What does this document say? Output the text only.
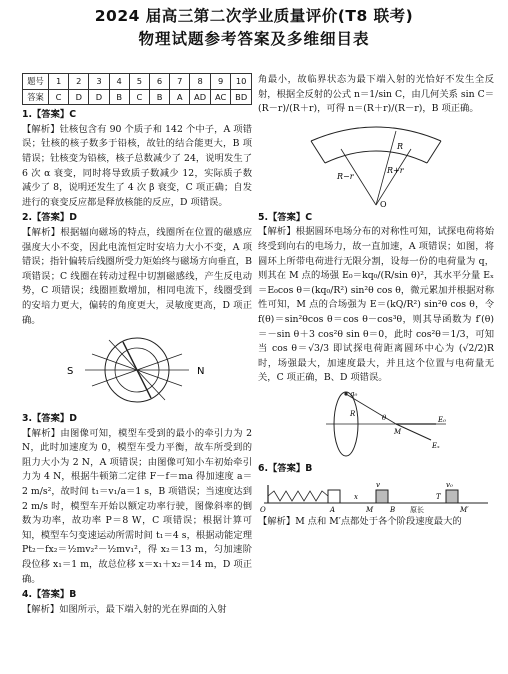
2024 届高三第二次学业质量评价(T8 联考)
物理试题参考答案及多维细目表
题号	1	2	3	4	5	6	7	8	9	10
答案	C	D	D	B	C	B	A	AD	AC	BD
1.【答案】C

【解析】钍核包含有 90 个质子和 142 个中子，A 项错误；钍核的核子数多于铅核，故钍的结合能更大，B 项错误；钍核变为铅核，核子总数减少了 24，说明发生了 6 次 α 衰变，同时将导致质子数减少 12，实际质子数减少了 8，说明还发生了 4 次 β 衰变，C 项正确；自发进行的衰变反应都是释放核能的反应，D 项错误。

2.【答案】D

【解析】根据辐向磁场的特点，线圈所在位置的磁感应强度大小不变，因此电流恒定时安培力大小不变，A 项错误；指针偏转后线圈所受力矩始终与磁场方向垂直，B 项错误；C 线圈在转动过程中切割磁感线，产生反电动势，C 项错误；线圈匝数增加，相同电流下，线圈受到的安培力更大，偏转的角度更大，灵敏度更高，D 项正确。

S	N
3.【答案】D

【解析】由图像可知，模型车受到的最小的牵引力为 2 N，此时加速度为 0，模型车受力平衡，故车所受到的阻力大小为 2 N，A 项错误；由图像可知小车初始牵引力为 4 N，根据牛顿第二定律 F－f＝ma 得加速度 a＝2 m/s²，故时间 t₁＝v₁/a＝1 s，B 项错误；当速度达到 2 m/s 时，模型车开始以额定功率行驶，图像斜率的倒数为功率，故功率 P＝8 W，C 项错误；根据计算可知，模型车匀变速运动所需时间 t₁＝4 s，根据动能定理 Pt₂－fx₂＝½mv₂²－½mv₁²，得 x₂＝13 m，匀加速阶段位移 x₁＝1 m，故总位移 x＝x₁＋x₂＝14 m，D 项正确。

4.【答案】B

【解析】如图所示，最下端入射的光在界面的入射

角最小，故临界状态为最下端入射的光恰好不发生全反射，根据全反射的公式 n＝1/sin C，由几何关系 sin C＝(R－r)/(R＋r)，可得 n＝(R＋r)/(R－r)，B 项正确。

R
R+r
R−r
O
5.【答案】C

【解析】根据圆环电场分布的对称性可知，试探电荷将始终受到向右的电场力，故一直加速，A 项错误；如图，将圆环上所带电荷进行无限分割，设每一份的电荷量为 q，则其在 M 点的场强 E₀＝kq₀/(R/sin θ)²，其水平分量 Eₓ＝E₀cos θ＝(kq₀/R²) sin²θ cos θ，微元累加并根据对称性可知，M 点的合场强为 E＝(kQ/R²) sin²θ cos θ，令 f(θ)＝sin²θcos θ＝cos θ－cos³θ，则其导函数为 f′(θ)＝－sin θ＋3 cos²θ sin θ＝0，此时 cos²θ＝1/3，可知当 cos θ＝√3/3 即试探电荷距离圆环中心为 (√2/2)R 时，场强最大，加速度最大，并且这个位置与电荷量无关，C 项正确，B、D 项错误。

q₀
R	θ
M
Eₓ
E₀
6.【答案】B
O	A	M B	M′
T
v₀
v
x
原长

【解析】M 点和 M′点都处于各个阶段速度最大的
